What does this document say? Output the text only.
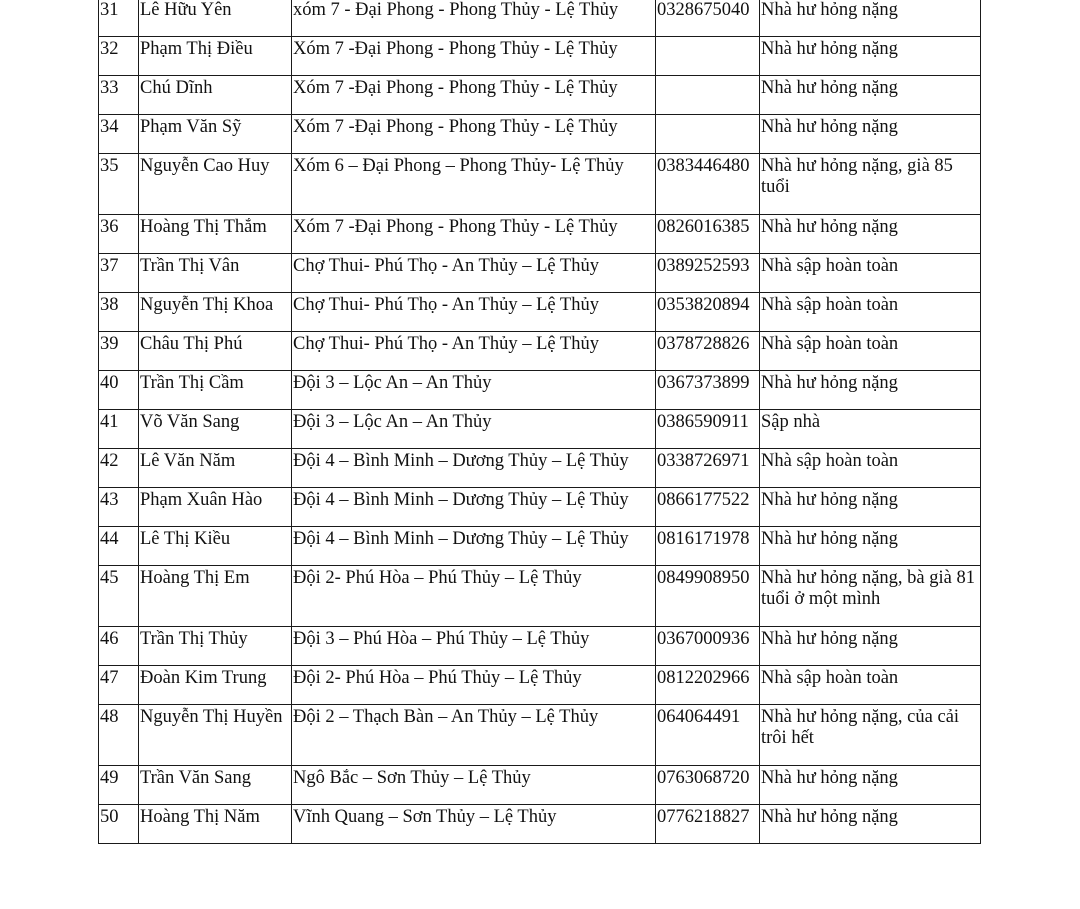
31	Lê Hữu Yên	xóm 7 - Đại Phong - Phong Thủy - Lệ Thủy	0328675040	Nhà hư hỏng nặng
32	Phạm Thị Điều	Xóm 7 -Đại Phong - Phong Thủy - Lệ Thủy		Nhà hư hỏng nặng
33	Chú Dĩnh	Xóm 7 -Đại Phong - Phong Thủy - Lệ Thủy		Nhà hư hỏng nặng
34	Phạm Văn Sỹ	Xóm 7 -Đại Phong - Phong Thủy - Lệ Thủy		Nhà hư hỏng nặng
35	Nguyễn Cao Huy	Xóm 6 – Đại Phong – Phong Thủy- Lệ Thủy	0383446480	Nhà hư hỏng nặng, già 85 tuổi
36	Hoàng Thị Thắm	Xóm 7 -Đại Phong - Phong Thủy - Lệ Thủy	0826016385	Nhà hư hỏng nặng
37	Trần Thị Vân	Chợ Thui- Phú Thọ - An Thủy – Lệ Thủy	0389252593	Nhà sập hoàn toàn
38	Nguyễn Thị Khoa	Chợ Thui- Phú Thọ - An Thủy – Lệ Thủy	0353820894	Nhà sập hoàn toàn
39	Châu Thị Phú	Chợ Thui- Phú Thọ - An Thủy – Lệ Thủy	0378728826	Nhà sập hoàn toàn
40	Trần Thị Cầm	Đội 3 – Lộc An – An Thủy	0367373899	Nhà hư hỏng nặng
41	Võ Văn Sang	Đội 3 – Lộc An – An Thủy	0386590911	Sập nhà
42	Lê Văn Năm	Đội 4 – Bình Minh – Dương Thủy – Lệ Thủy	0338726971	Nhà sập hoàn toàn
43	Phạm Xuân Hào	Đội 4 – Bình Minh – Dương Thủy – Lệ Thủy	0866177522	Nhà hư hỏng nặng
44	Lê Thị Kiều	Đội 4 – Bình Minh – Dương Thủy – Lệ Thủy	0816171978	Nhà hư hỏng nặng
45	Hoàng Thị Em	Đội 2- Phú Hòa – Phú Thủy – Lệ Thủy	0849908950	Nhà hư hỏng nặng, bà già 81 tuổi ở một mình
46	Trần Thị Thủy	Đội 3 – Phú Hòa – Phú Thủy – Lệ Thủy	0367000936	Nhà hư hỏng nặng
47	Đoàn Kim Trung	Đội 2- Phú Hòa – Phú Thủy – Lệ Thủy	0812202966	Nhà sập hoàn toàn
48	Nguyễn Thị Huyền	Đội 2 – Thạch Bàn – An Thủy – Lệ Thủy	064064491	Nhà hư hỏng nặng, của cải trôi hết
49	Trần Văn Sang	Ngô Bắc – Sơn Thủy – Lệ Thủy	0763068720	Nhà hư hỏng nặng
50	Hoàng Thị Năm	Vĩnh Quang – Sơn Thủy – Lệ Thủy	0776218827	Nhà hư hỏng nặng
